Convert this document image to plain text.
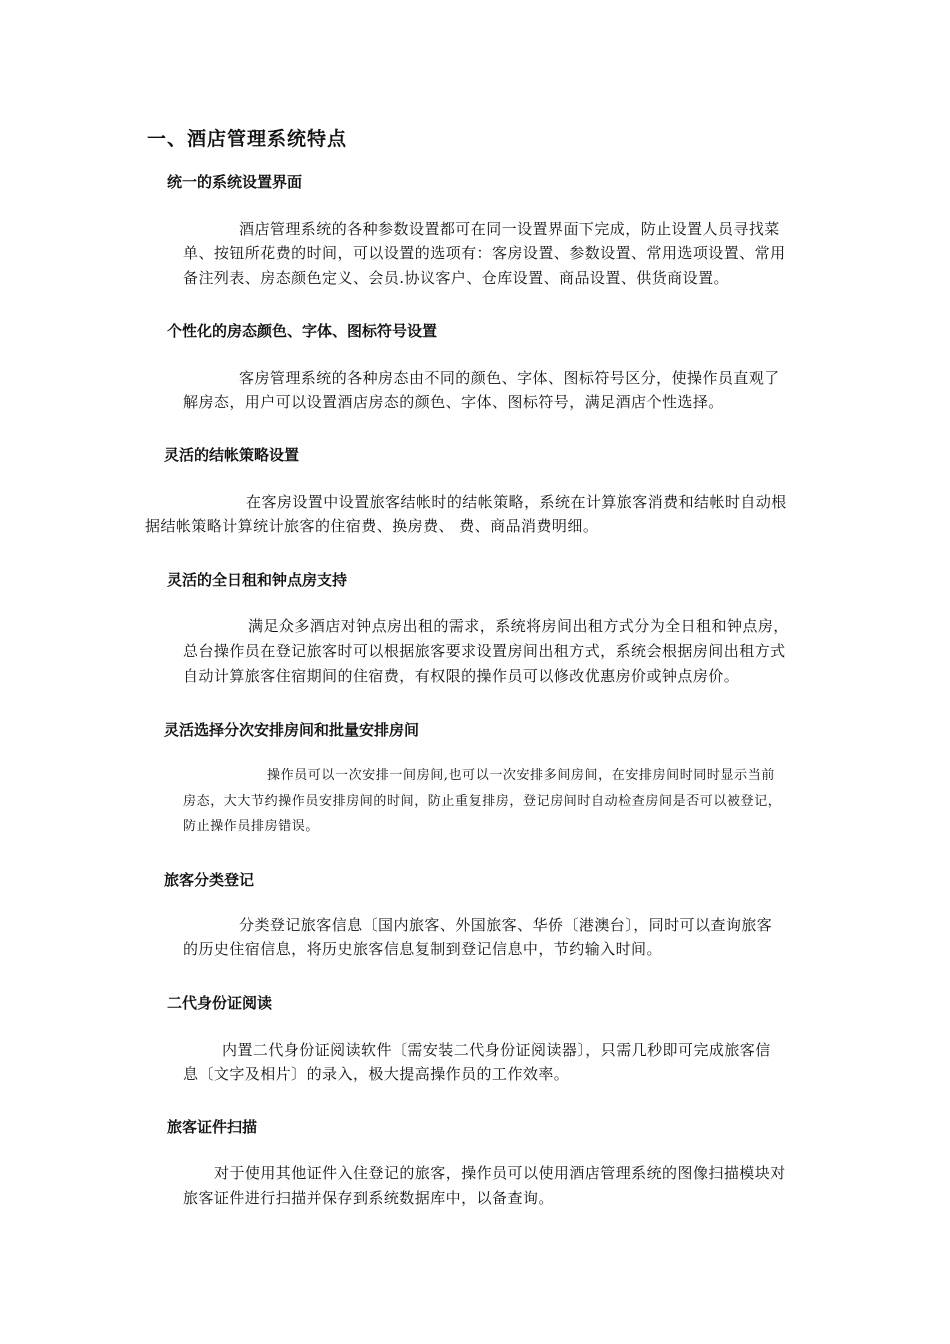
一、酒店管理系统特点
统一的系统设置界面
酒店管理系统的各种参数设置都可在同一设置界面下完成，防止设置人员寻找菜
单、按钮所花费的时间，可以设置的选项有：客房设置、参数设置、常用选项设置、常用
备注列表、房态颜色定义、会员.协议客户、仓库设置、商品设置、供货商设置。
个性化的房态颜色、字体、图标符号设置
客房管理系统的各种房态由不同的颜色、字体、图标符号区分，使操作员直观了
解房态，用户可以设置酒店房态的颜色、字体、图标符号，满足酒店个性选择。
灵活的结帐策略设置
在客房设置中设置旅客结帐时的结帐策略，系统在计算旅客消费和结帐时自动根
据结帐策略计算统计旅客的住宿费、换房费、 费、商品消费明细。
灵活的全日租和钟点房支持
满足众多酒店对钟点房出租的需求，系统将房间出租方式分为全日租和钟点房，
总台操作员在登记旅客时可以根据旅客要求设置房间出租方式，系统会根据房间出租方式
自动计算旅客住宿期间的住宿费，有权限的操作员可以修改优惠房价或钟点房价。
灵活选择分次安排房间和批量安排房间
操作员可以一次安排一间房间,也可以一次安排多间房间，在安排房间时同时显示当前
房态，大大节约操作员安排房间的时间，防止重复排房，登记房间时自动检查房间是否可以被登记，
防止操作员排房错误。
旅客分类登记
分类登记旅客信息〔国内旅客、外国旅客、华侨〔港澳台〕，同时可以查询旅客
的历史住宿信息，将历史旅客信息复制到登记信息中，节约输入时间。
二代身份证阅读
内置二代身份证阅读软件〔需安装二代身份证阅读器〕，只需几秒即可完成旅客信
息〔文字及相片〕的录入，极大提高操作员的工作效率。
旅客证件扫描
对于使用其他证件入住登记的旅客，操作员可以使用酒店管理系统的图像扫描模块对
旅客证件进行扫描并保存到系统数据库中，以备查询。
